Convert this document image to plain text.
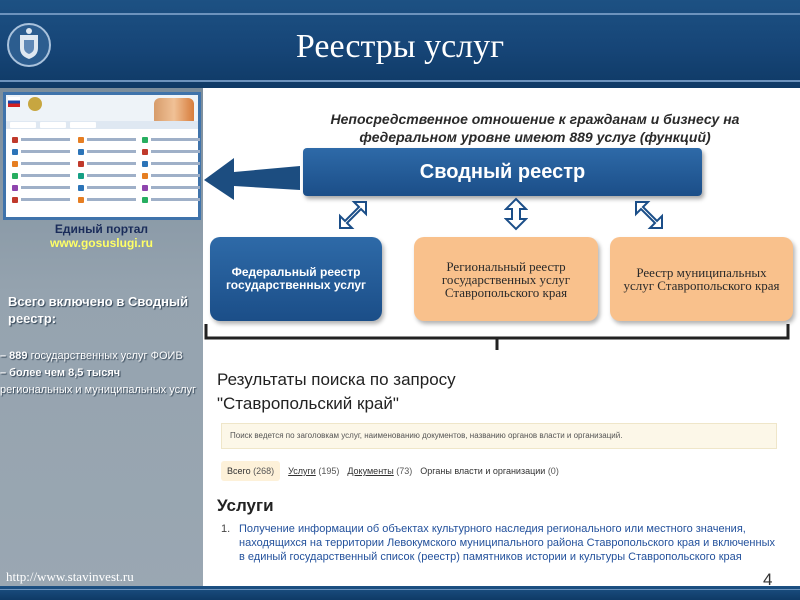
Реестры услуг
Единый портал
www.gosuslugi.ru
Всего включено в Сводный реестр:
– 889 государственных услуг ФОИВ
– более чем 8,5 тысяч
региональных и муниципальных услуг
http://www.stavinvest.ru
Непосредственное отношение к гражданам и бизнесу на федеральном уровне имеют 889 услуг (функций)
Сводный реестр
Федеральный реестр государственных услуг
Региональный реестр государственных услуг Ставропольского края
Реестр муниципальных услуг Ставропольского края
Результаты поиска по запросу
"Ставропольский край"
Поиск ведется по заголовкам услуг, наименованию документов, названию органов власти и организаций.
Всего (268)	Услуги (195) Документы (73) Органы власти и организации (0)
Услуги
1. Получение информации об объектах культурного наследия регионального или местного значения, находящихся на территории Левокумского муниципального района Ставропольского края и включенных в единый государственный список (реестр) памятников истории и культуры Ставропольского края
4
